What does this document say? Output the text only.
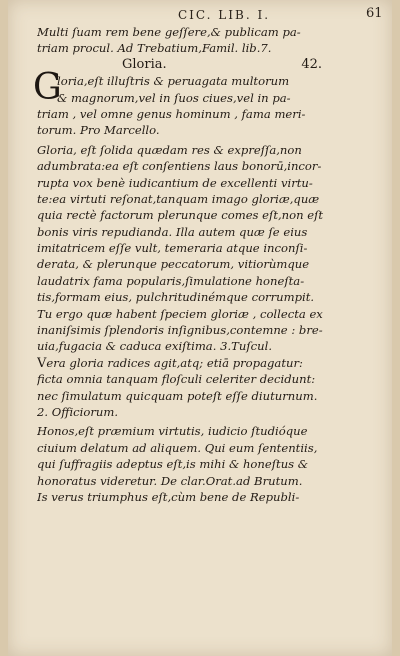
CIC. LIB. I.	61
Multi ſuam rem bene geſſere,& publicam pa-
triam procul. Ad Trebatium,Famil. lib.7.
Gloria.	42.
G
loria,eſt illuſtris & peruagata multorum
& magnorum,vel in ſuos ciues,vel in pa-
triam , vel omne genus hominum , fama meri-
torum. Pro Marcello.
Gloria, eſt ſolida quædam res & expreſſa,non
adumbrata:ea eſt conſentiens laus bonorū,incor-
rupta vox benè iudicantium de excellenti virtu-
te:ea virtuti reſonat,tanquam imago gloriæ,quæ
quia rectè factorum plerunque comes eſt,non eſt
bonis viris repudianda. Illa autem quæ ſe eius
imitatricem eſſe vult, temeraria atque inconſi-
derata, & plerunque peccatorum, vitiorùmque
laudatrix fama popularis,ſimulatione honeſta-
tis,formam eius, pulchritudinémque corrumpit.
Tu ergo quæ habent ſpeciem gloriæ , collecta ex
inaniſsimis ſplendoris inſignibus,contemne : bre-
uia,fugacia & caduca exiſtima. 3.Tuſcul.
Vera gloria radices agit,atq; etiā propagatur:
ficta omnia tanquam floſculi celeriter decidunt:
nec ſimulatum quicquam poteſt eſſe diuturnum.
2. Officiorum.
Honos,eſt præmium virtutis, iudicio ſtudióque
ciuium delatum ad aliquem. Qui eum ſententiis,
qui ſuffragiis adeptus eſt,is mihi & honeſtus &
honoratus videretur. De clar.Orat.ad Brutum.
Is verus triumphus eſt,cùm bene de Republi-
